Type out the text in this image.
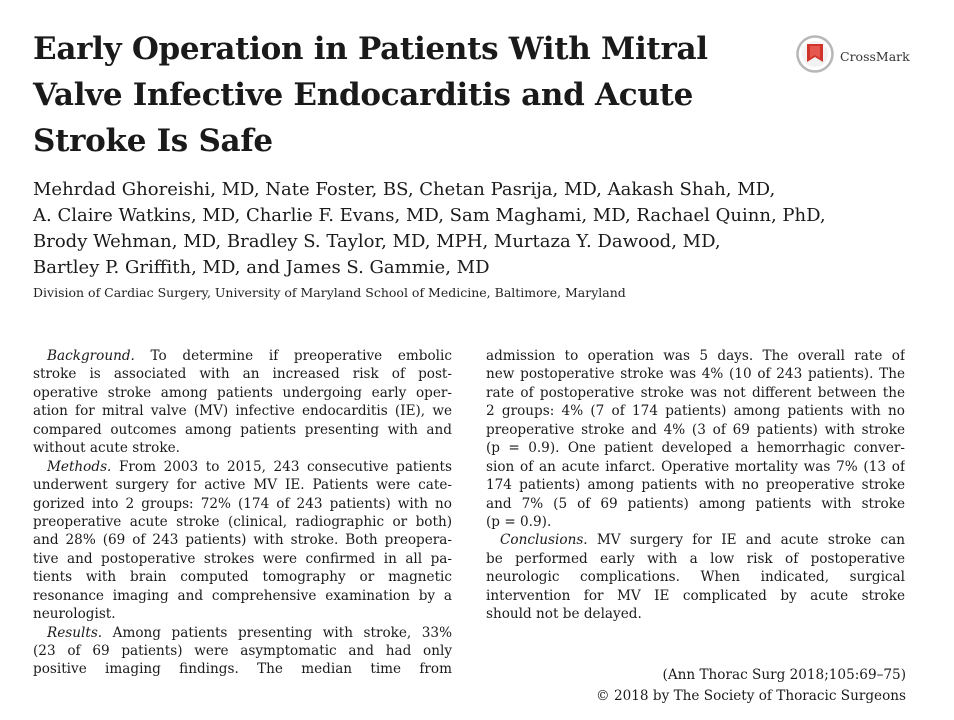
Early Operation in Patients With Mitral
Valve Infective Endocarditis and Acute
Stroke Is Safe
CrossMark
Mehrdad Ghoreishi, MD, Nate Foster, BS, Chetan Pasrija, MD, Aakash Shah, MD,
A. Claire Watkins, MD, Charlie F. Evans, MD, Sam Maghami, MD, Rachael Quinn, PhD,
Brody Wehman, MD, Bradley S. Taylor, MD, MPH, Murtaza Y. Dawood, MD,
Bartley P. Griffith, MD, and James S. Gammie, MD
Division of Cardiac Surgery, University of Maryland School of Medicine, Baltimore, Maryland
Background. To determine if preoperative embolic
stroke is associated with an increased risk of post-
operative stroke among patients undergoing early oper-
ation for mitral valve (MV) infective endocarditis (IE), we
compared outcomes among patients presenting with and
without acute stroke.
Methods. From 2003 to 2015, 243 consecutive patients
underwent surgery for active MV IE. Patients were cate-
gorized into 2 groups: 72% (174 of 243 patients) with no
preoperative acute stroke (clinical, radiographic or both)
and 28% (69 of 243 patients) with stroke. Both preopera-
tive and postoperative strokes were confirmed in all pa-
tients with brain computed tomography or magnetic
resonance imaging and comprehensive examination by a
neurologist.
Results. Among patients presenting with stroke, 33%
(23 of 69 patients) were asymptomatic and had only
positive imaging findings. The median time from
admission to operation was 5 days. The overall rate of
new postoperative stroke was 4% (10 of 243 patients). The
rate of postoperative stroke was not different between the
2 groups: 4% (7 of 174 patients) among patients with no
preoperative stroke and 4% (3 of 69 patients) with stroke
(p = 0.9). One patient developed a hemorrhagic conver-
sion of an acute infarct. Operative mortality was 7% (13 of
174 patients) among patients with no preoperative stroke
and 7% (5 of 69 patients) among patients with stroke
(p = 0.9).
Conclusions. MV surgery for IE and acute stroke can
be performed early with a low risk of postoperative
neurologic complications. When indicated, surgical
intervention for MV IE complicated by acute stroke
should not be delayed.
(Ann Thorac Surg 2018;105:69–75)
© 2018 by The Society of Thoracic Surgeons
